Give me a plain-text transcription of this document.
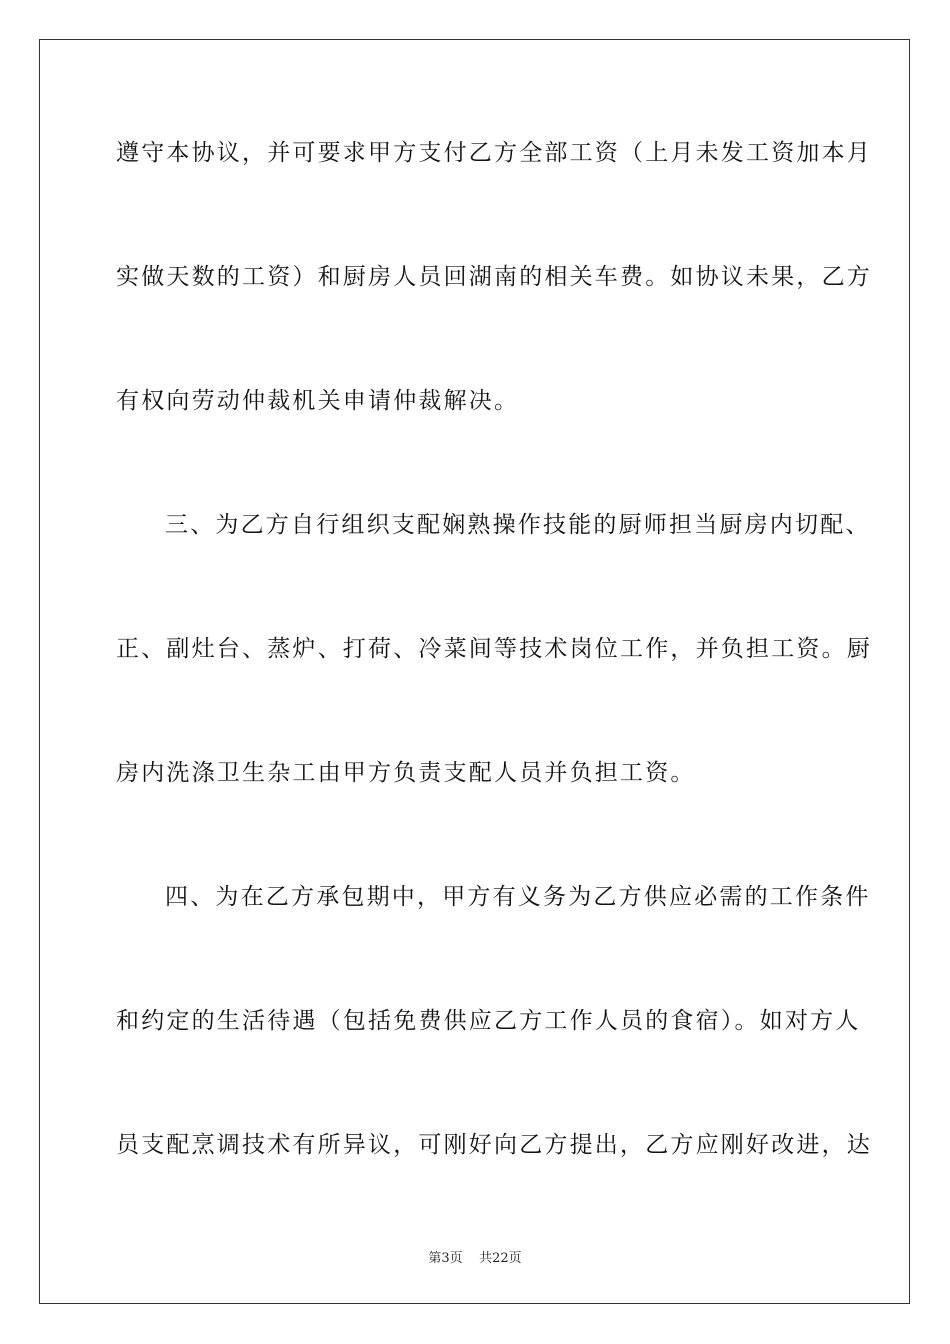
遵守本协议，并可要求甲方支付乙方全部工资（上月未发工资加本月
实做天数的工资）和厨房人员回湖南的相关车费。如协议未果，乙方
有权向劳动仲裁机关申请仲裁解决。
三、为乙方自行组织支配娴熟操作技能的厨师担当厨房内切配、
正、副灶台、蒸炉、打荷、冷菜间等技术岗位工作，并负担工资。厨
房内洗涤卫生杂工由甲方负责支配人员并负担工资。
四、为在乙方承包期中，甲方有义务为乙方供应必需的工作条件
和约定的生活待遇（包括免费供应乙方工作人员的食宿）。如对方人
员支配烹调技术有所异议，可刚好向乙方提出，乙方应刚好改进，达
第3页    共22页
